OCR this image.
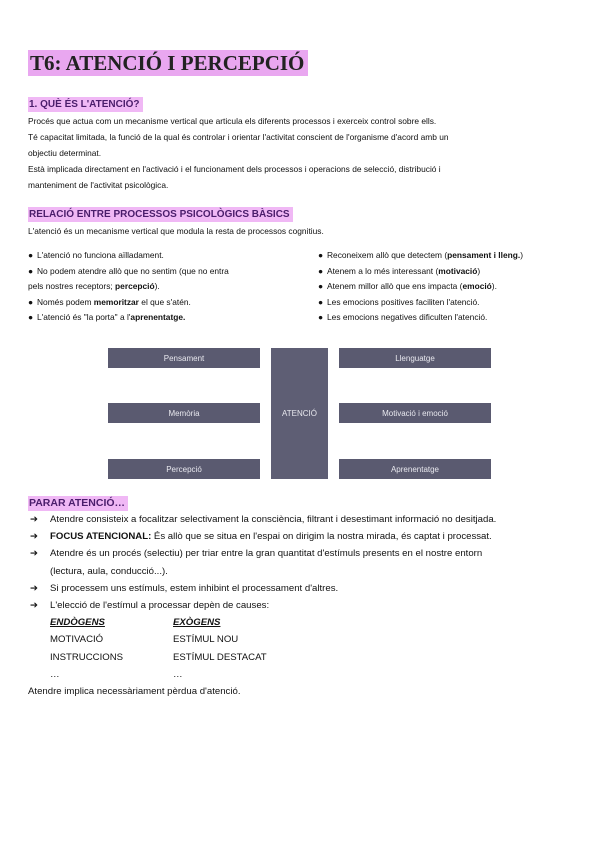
T6: ATENCIÓ I PERCEPCIÓ
1. QUÈ ÉS L'ATENCIÓ?
Procés que actua com un mecanisme vertical que articula els diferents processos i exerceix control sobre ells.
Té capacitat limitada, la funció de la qual és controlar i orientar l'activitat conscient de l'organisme d'acord amb un
objectiu determinat.
Està implicada directament en l'activació i el funcionament dels processos i operacions de selecció, distribució i
manteniment de l'activitat psicològica.
RELACIÓ ENTRE PROCESSOS PSICOLÒGICS BÀSICS
L'atenció és un mecanisme vertical que modula la resta de processos cognitius.
● L'atenció no funciona aïlladament.
● No podem atendre allò que no sentim (que no entra
pels nostres receptors; percepció).
● Només podem memoritzar el que s'atén.
● L'atenció és "la porta" a l'aprenentatge.
● Reconeixem allò que detectem (pensament i lleng.)
● Atenem a lo més interessant (motivació)
● Atenem millor allò que ens impacta (emoció).
● Les emocions positives faciliten l'atenció.
● Les emocions negatives dificulten l'atenció.
Pensament
Memòria
Percepció
ATENCIÓ
Llenguatge
Motivació i emoció
Aprenentatge
PARAR ATENCIÓ…
➔ Atendre consisteix a focalitzar selectivament la consciència, filtrant i desestimant informació no desitjada.
➔ FOCUS ATENCIONAL: És allò que se situa en l'espai on dirigim la nostra mirada, és captat i processat.
➔ Atendre és un procés (selectiu) per triar entre la gran quantitat d'estímuls presents en el nostre entorn
(lectura, aula, conducció...).
➔ Si processem uns estímuls, estem inhibint el processament d'altres.
➔ L'elecció de l'estímul a processar depèn de causes:
ENDÒGENS	EXÒGENS
MOTIVACIÓ	ESTÍMUL NOU
INSTRUCCIONS	ESTÍMUL DESTACAT
…	…
Atendre implica necessàriament pèrdua d'atenció.
